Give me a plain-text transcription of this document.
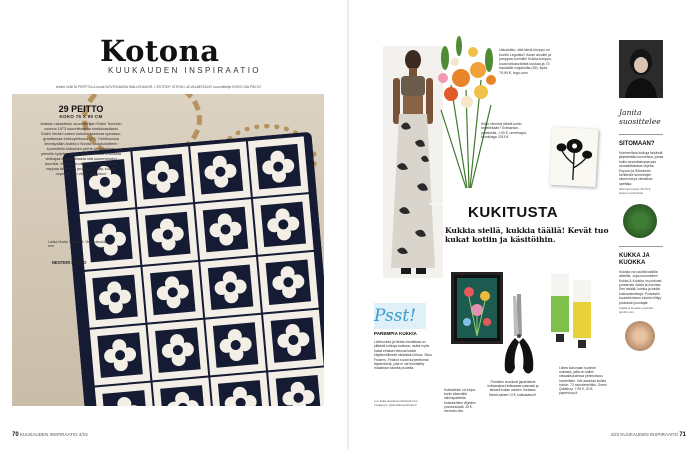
Kotona
KUUKAUDEN INSPIRAATIO
tekstit JANITA PERTTULA kuvat NOVITA/ANNA WALLENDAHR, L'ESTROP, SITENO JA VALMISTAJAT suunnittelija EISKO SÄLPÄKIVI
29 PEITTO
KOKO 75 X 90 CM
Arabian rakastetun suunnittelijan Esteri Tomulan vuonna 1973 suunnittelema nimikkoastiasto Esteri heräsi uuteen kukoistukseensa upeassa, graafisessa torkkupeitossa (29). Huhtikuussa ilmestyvään Arabia x Novita -lasiutuskitteen suunniteltu klassinen perhe on mitoiltaan pienelle kyljelle, mutta mikään ei estä innokasta virkkajaa kasvattamasta sitä suuremmaksi huoviksi. Malli on kuukotava ja ilsana, joten neppaa tästä kiva projekti ja ylläty, kuinka nopeasti yksi väliitu valmistuu!
Lanka Novita 7 Veljestä. Virkkuukoukku 4,5 mm.
NESTER/ PEITTO
70 KUUKAUDEN INSPIRAATIO 4/23
MAX MARA
Uskoisitko, että tämä kimppu on koottu Legoista? Aivan aivoille ja jumppaa sormille! Kukka-kimppu, kuusi kirkasväristä kukkaa ja 73 haudaille majakoilla (35). lkpla 79,99 €, lego.com.
Kiitko viimeksi lähetit kortin kenellekään? Sclmarske-punaisella, 1,90 €, urmehagut, bronkhage 2015 fi.
KUKITUSTA
Kukkia siellä, kukkia täällä! Kevät tuo kukat kotiin ja käsitöihin.
Psst!
PAREMPIA KUKKIA
Lähivuokka ja hiidas mustikkaa on ylittäviä lohkoja tuoksua, mutta myös kukat erilaiset tekovat kaikki käytännöllisesti värikästä lohkoa. Slow Flowers -Finland suosii turpeettomia täydentäviä, joita ei ole lennätetty maailman toiselta puolelta.
Lue lisää slowflowersfinland.fi tai Instagram: @slowflowersfinland
Kukkatieton voi kirjoa kortin käsevällä valmispaketilla. Kukkalehtien vitjeiden poveseskadä. 25 €, vermuttu.hks.
Floristien suosimat japanilaiset kukkasakset leikkaavat sulavasti ja tarkasti kukan varsien. Ikebana-floristi.sakset 14 €, kukkasaksi.fi.
Lähes kokonaan tuorinen luokasta, joilla on kaikin nissaalisuudessa pehmoisuus luonteittain. Voit askartaa kukkia huiviin. 73 munalenniittiin. Green Quiltshop, 7.90 €, 20 €, papershop.fi.
Janita suosittelee
SITOMAAN?
Hurmeellisia lukkuja keväisiä järjestetään kunneissa, joissa kotiin sesonkialopaa saa ammattitaitoisia ohjeita. Espoon ja Siitonhullu kehittelee tunnettujen sitomoina ja vieraileva opettaja.
Siitoman kurssi 40-70 €, siitomo.net/kurssit.
KUKKA JA KUOKKA
Kukista voi nauttia kaikilla aisteilla. Jopa kuunnellen! Kukka & Kuokka on podcast puutarhan iloista ja suruista. Sen sisällä, kuinka ja kaikki kukkavalmistoja. Podcastin kuuntelemisen ekoihin liittyy podcastin juontajat.
Kukka & kuokka -podcast, spotify.com.
4/23 KUUKAUDEN INSPIRAATIO 71
